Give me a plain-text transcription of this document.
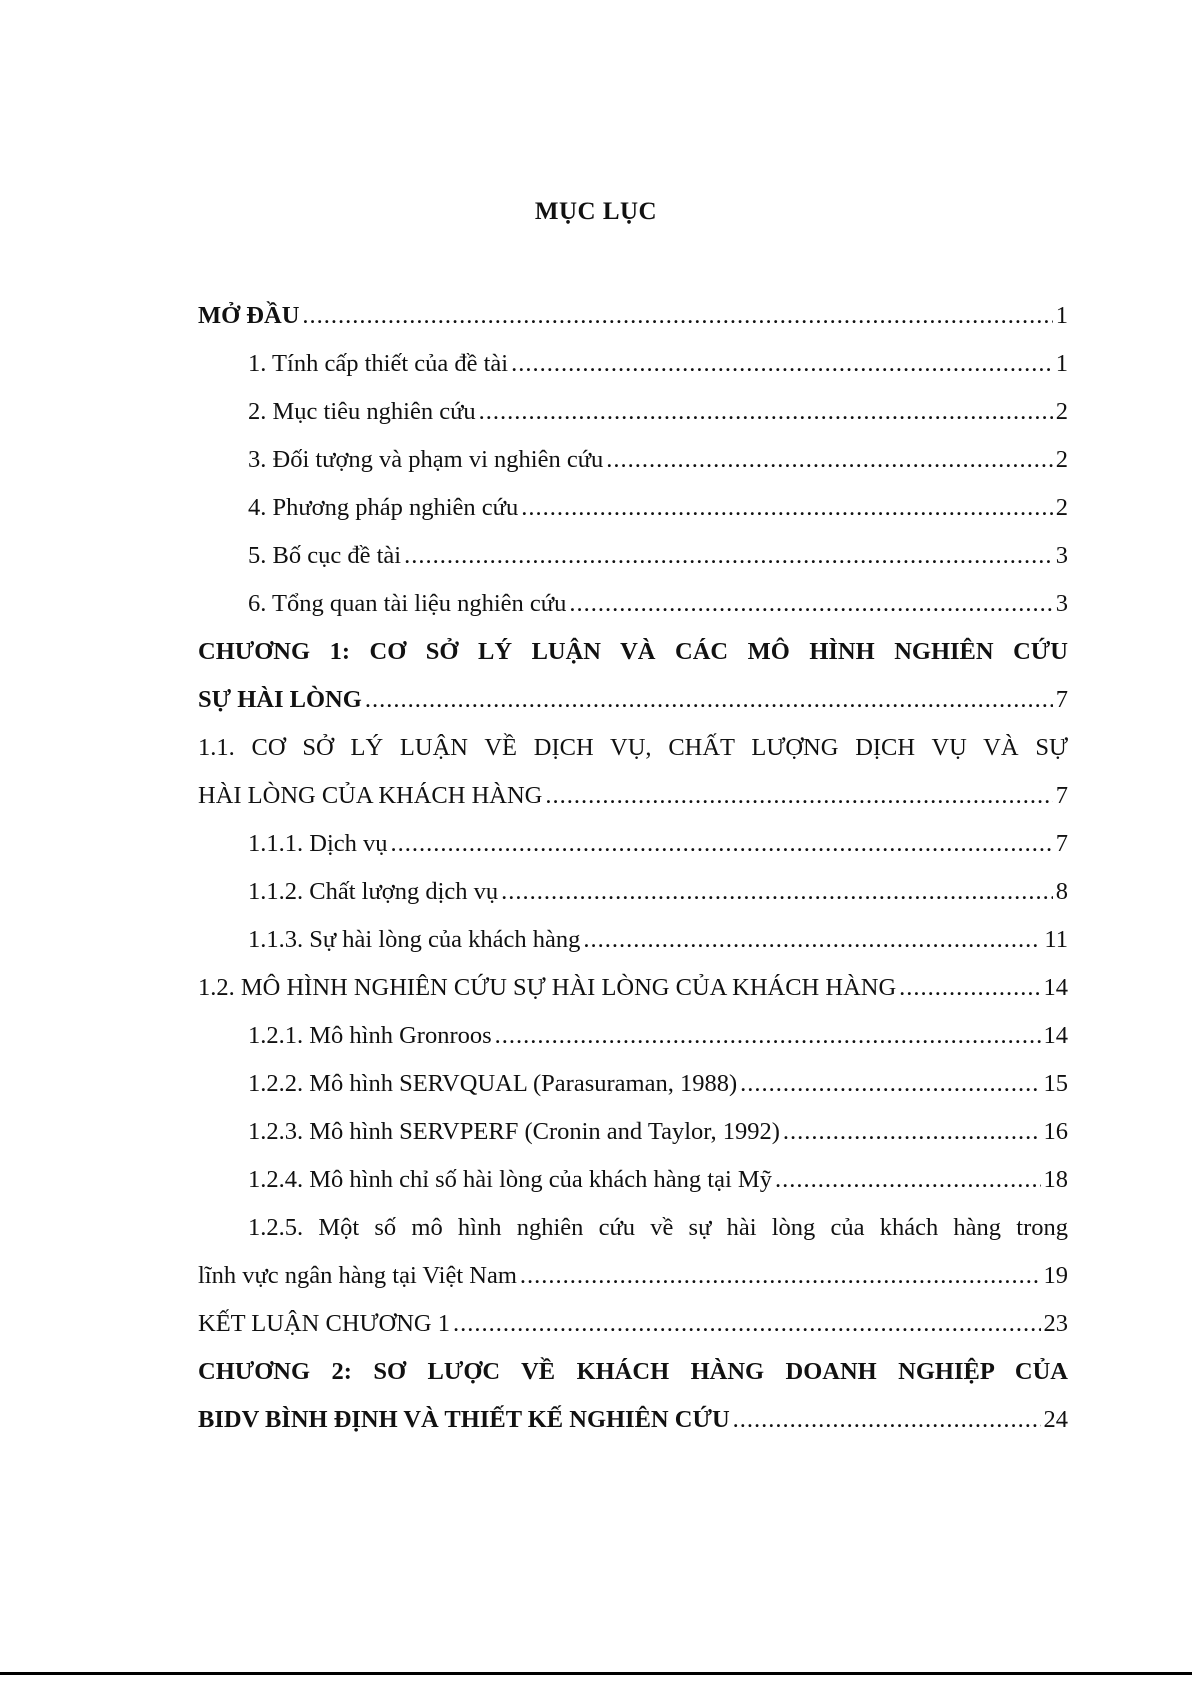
MỤC LỤC
MỞ ĐẦU .....	1
1. Tính cấp thiết của đề tài .....	1
2. Mục tiêu nghiên cứu .....	2
3. Đối tượng và phạm vi nghiên cứu .....	2
4. Phương pháp nghiên cứu .....	2
5. Bố cục đề tài .....	3
6. Tổng quan tài liệu nghiên cứu .....	3
CHƯƠNG 1: CƠ SỞ LÝ LUẬN VÀ CÁC MÔ HÌNH NGHIÊN CỨU
SỰ HÀI LÒNG .....	7
1.1. CƠ SỞ LÝ LUẬN VỀ DỊCH VỤ, CHẤT LƯỢNG DỊCH VỤ VÀ SỰ
HÀI LÒNG CỦA KHÁCH HÀNG .....	7
1.1.1. Dịch vụ .....	7
1.1.2. Chất lượng dịch vụ .....	8
1.1.3. Sự hài lòng của khách hàng .....	11
1.2. MÔ HÌNH NGHIÊN CỨU SỰ HÀI LÒNG CỦA KHÁCH HÀNG .....	14
1.2.1. Mô hình Gronroos .....	14
1.2.2. Mô hình SERVQUAL (Parasuraman, 1988) .....	15
1.2.3. Mô hình SERVPERF (Cronin and Taylor, 1992) .....	16
1.2.4. Mô hình chỉ số hài lòng của khách hàng tại Mỹ .....	18
1.2.5. Một số mô hình nghiên cứu về sự hài lòng của khách hàng trong
lĩnh vực ngân hàng tại Việt Nam .....	19
KẾT LUẬN CHƯƠNG 1 .....	23
CHƯƠNG 2: SƠ LƯỢC VỀ KHÁCH HÀNG DOANH NGHIỆP CỦA
BIDV BÌNH ĐỊNH VÀ THIẾT KẾ NGHIÊN CỨU .....	24
